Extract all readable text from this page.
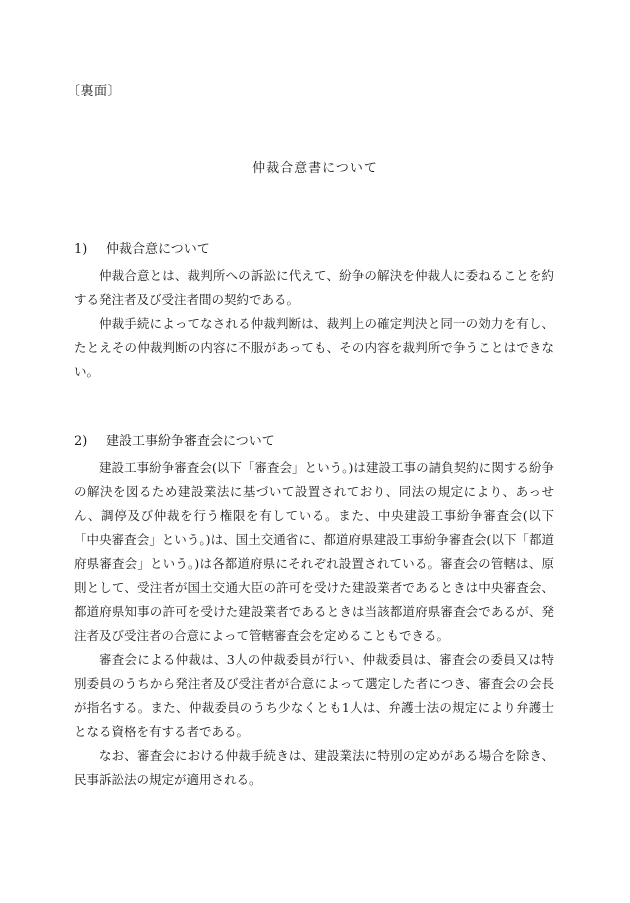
〔裏面〕
仲裁合意書について
1) 仲裁合意について

仲裁合意とは、裁判所への訴訟に代えて、紛争の解決を仲裁人に委ねることを約する発注者及び受注者間の契約である。

仲裁手続によってなされる仲裁判断は、裁判上の確定判決と同一の効力を有し、たとえその仲裁判断の内容に不服があっても、その内容を裁判所で争うことはできない。

2) 建設工事紛争審査会について

建設工事紛争審査会(以下「審査会」という。)は建設工事の請負契約に関する紛争の解決を図るため建設業法に基づいて設置されており、同法の規定により、あっせん、調停及び仲裁を行う権限を有している。また、中央建設工事紛争審査会(以下「中央審査会」という。)は、国土交通省に、都道府県建設工事紛争審査会(以下「都道府県審査会」という。)は各都道府県にそれぞれ設置されている。審査会の管轄は、原則として、受注者が国土交通大臣の許可を受けた建設業者であるときは中央審査会、都道府県知事の許可を受けた建設業者であるときは当該都道府県審査会であるが、発注者及び受注者の合意によって管轄審査会を定めることもできる。

審査会による仲裁は、3人の仲裁委員が行い、仲裁委員は、審査会の委員又は特別委員のうちから発注者及び受注者が合意によって選定した者につき、審査会の会長が指名する。また、仲裁委員のうち少なくとも1人は、弁護士法の規定により弁護士となる資格を有する者である。

なお、審査会における仲裁手続きは、建設業法に特別の定めがある場合を除き、民事訴訟法の規定が適用される。
